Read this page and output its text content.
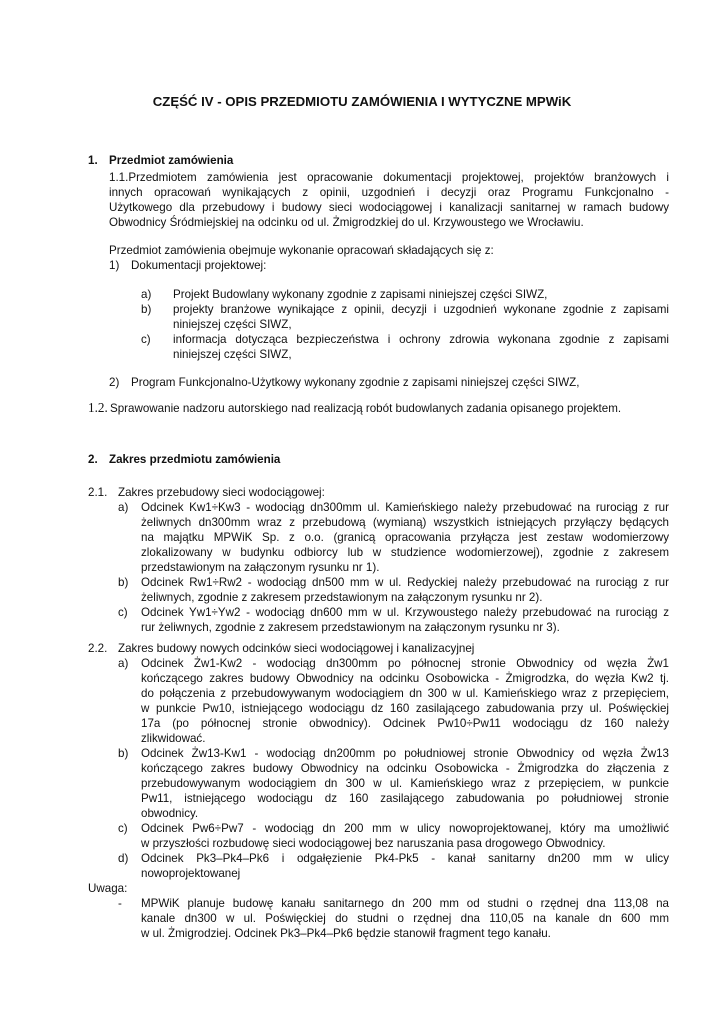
CZĘŚĆ IV - OPIS PRZEDMIOTU ZAMÓWIENIA I WYTYCZNE MPWiK
1. Przedmiot zamówienia
1.1.Przedmiotem zamówienia jest opracowanie dokumentacji projektowej, projektów branżowych i
innych opracowań wynikających z opinii, uzgodnień i decyzji oraz Programu Funkcjonalno -
Użytkowego dla przebudowy i budowy sieci wodociągowej i kanalizacji sanitarnej w ramach budowy
Obwodnicy Śródmiejskiej na odcinku od ul. Żmigrodzkiej do ul. Krzywoustego we Wrocławiu.
Przedmiot zamówienia obejmuje wykonanie opracowań składających się z:
1) Dokumentacji projektowej:
a) Projekt Budowlany wykonany zgodnie z zapisami niniejszej części SIWZ,
b) projekty branżowe wynikające z opinii, decyzji i uzgodnień wykonane zgodnie z zapisami
niniejszej części SIWZ,
c) informacja dotycząca bezpieczeństwa i ochrony zdrowia wykonana zgodnie z zapisami
niniejszej części SIWZ,
2) Program Funkcjonalno-Użytkowy wykonany zgodnie z zapisami niniejszej części SIWZ,
1.2. Sprawowanie nadzoru autorskiego nad realizacją robót budowlanych zadania opisanego projektem.
2. Zakres przedmiotu zamówienia
2.1. Zakres przebudowy sieci wodociągowej:
a) Odcinek Kw1÷Kw3 - wodociąg dn300mm ul. Kamieńskiego należy przebudować na rurociąg z rur
żeliwnych dn300mm wraz z przebudową (wymianą) wszystkich istniejących przyłączy będących
na majątku MPWiK Sp. z o.o. (granicą opracowania przyłącza jest zestaw wodomierzowy
zlokalizowany w budynku odbiorcy lub w studzience wodomierzowej), zgodnie z zakresem
przedstawionym na załączonym rysunku nr 1).
b) Odcinek Rw1÷Rw2 - wodociąg dn500 mm w ul. Redyckiej należy przebudować na rurociąg z rur
żeliwnych, zgodnie z zakresem przedstawionym na załączonym rysunku nr 2).
c) Odcinek Yw1÷Yw2 - wodociąg dn600 mm w ul. Krzywoustego należy przebudować na rurociąg z
rur żeliwnych, zgodnie z zakresem przedstawionym na załączonym rysunku nr 3).
2.2. Zakres budowy nowych odcinków sieci wodociągowej i kanalizacyjnej
a) Odcinek Żw1-Kw2 - wodociąg dn300mm po północnej stronie Obwodnicy od węzła Żw1
kończącego zakres budowy Obwodnicy na odcinku Osobowicka - Żmigrodzka, do węzła Kw2 tj.
do połączenia z przebudowywanym wodociągiem dn 300 w ul. Kamieńskiego wraz z przepięciem,
w punkcie Pw10, istniejącego wodociągu dz 160 zasilającego zabudowania przy ul. Poświęckiej
17a (po północnej stronie obwodnicy). Odcinek Pw10÷Pw11 wodociągu dz 160 należy
zlikwidować.
b) Odcinek Żw13-Kw1 - wodociąg dn200mm po południowej stronie Obwodnicy od węzła Żw13
kończącego zakres budowy Obwodnicy na odcinku Osobowicka - Żmigrodzka do złączenia z
przebudowywanym wodociągiem dn 300 w ul. Kamieńskiego wraz z przepięciem, w punkcie
Pw11, istniejącego wodociągu dz 160 zasilającego zabudowania po południowej stronie
obwodnicy.
c) Odcinek Pw6÷Pw7 - wodociąg dn 200 mm w ulicy nowoprojektowanej, który ma umożliwić
w przyszłości rozbudowę sieci wodociągowej bez naruszania pasa drogowego Obwodnicy.
d) Odcinek Pk3–Pk4–Pk6 i odgałęzienie Pk4-Pk5 - kanał sanitarny dn200 mm w ulicy
nowoprojektowanej
Uwaga:
- MPWiK planuje budowę kanału sanitarnego dn 200 mm od studni o rzędnej dna 113,08 na
kanale dn300 w ul. Poświęckiej do studni o rzędnej dna 110,05 na kanale dn 600 mm
w ul. Żmigrodziej. Odcinek Pk3–Pk4–Pk6 będzie stanowił fragment tego kanału.
